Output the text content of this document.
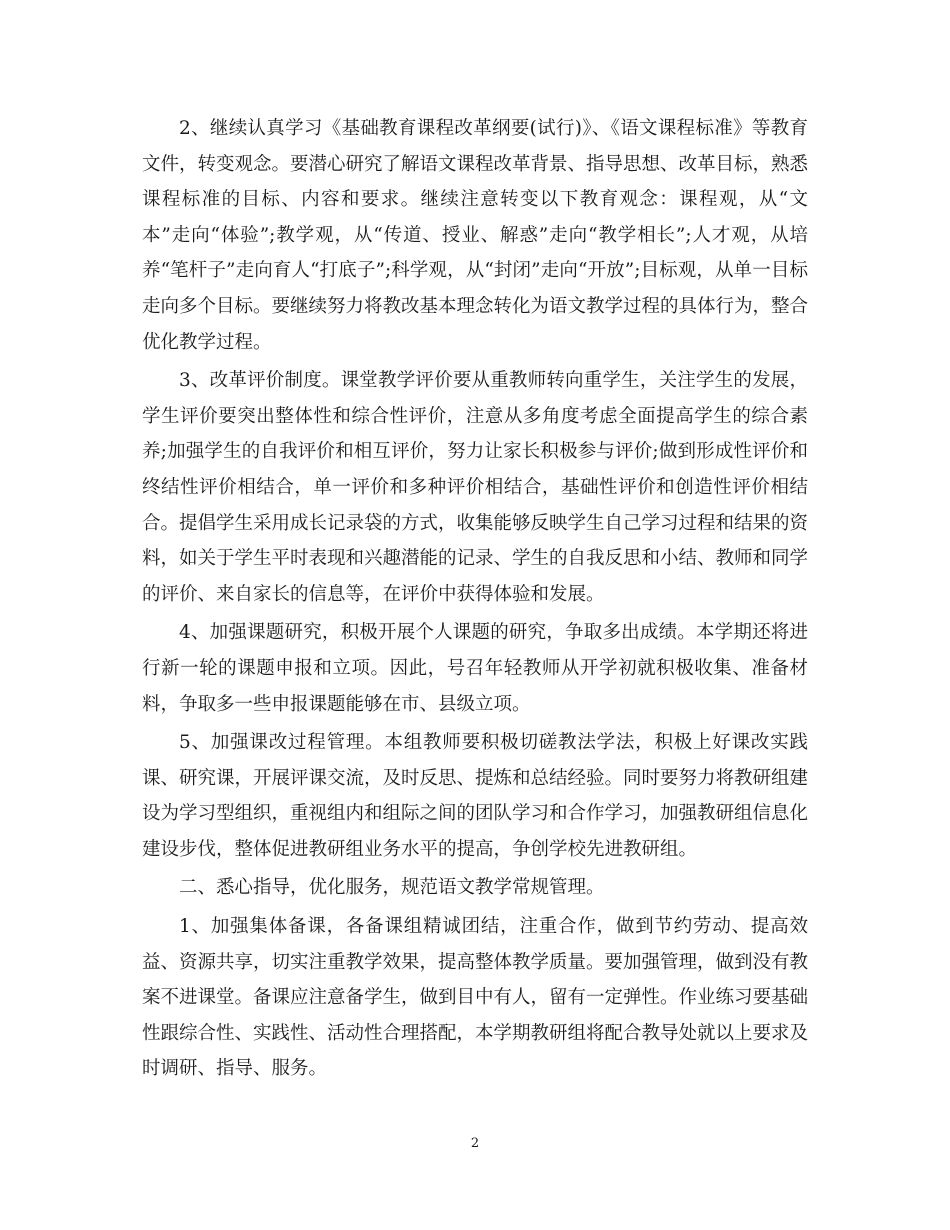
2、继续认真学习《基础教育课程改革纲要(试行)》、《语文课程标准》等教育文件，转变观念。要潜心研究了解语文课程改革背景、指导思想、改革目标，熟悉课程标准的目标、内容和要求。继续注意转变以下教育观念：课程观，从“文本”走向“体验”;教学观，从“传道、授业、解惑”走向“教学相长”;人才观，从培养“笔杆子”走向育人“打底子”;科学观，从“封闭”走向“开放”;目标观，从单一目标走向多个目标。要继续努力将教改基本理念转化为语文教学过程的具体行为，整合优化教学过程。

3、改革评价制度。课堂教学评价要从重教师转向重学生，关注学生的发展，学生评价要突出整体性和综合性评价，注意从多角度考虑全面提高学生的综合素养;加强学生的自我评价和相互评价，努力让家长积极参与评价;做到形成性评价和终结性评价相结合，单一评价和多种评价相结合，基础性评价和创造性评价相结合。提倡学生采用成长记录袋的方式，收集能够反映学生自己学习过程和结果的资料，如关于学生平时表现和兴趣潜能的记录、学生的自我反思和小结、教师和同学的评价、来自家长的信息等，在评价中获得体验和发展。

4、加强课题研究，积极开展个人课题的研究，争取多出成绩。本学期还将进行新一轮的课题申报和立项。因此，号召年轻教师从开学初就积极收集、准备材料，争取多一些申报课题能够在市、县级立项。

5、加强课改过程管理。本组教师要积极切磋教法学法，积极上好课改实践课、研究课，开展评课交流，及时反思、提炼和总结经验。同时要努力将教研组建设为学习型组织，重视组内和组际之间的团队学习和合作学习，加强教研组信息化建设步伐，整体促进教研组业务水平的提高，争创学校先进教研组。

二、悉心指导，优化服务，规范语文教学常规管理。

1、加强集体备课，各备课组精诚团结，注重合作，做到节约劳动、提高效益、资源共享，切实注重教学效果，提高整体教学质量。要加强管理，做到没有教案不进课堂。备课应注意备学生，做到目中有人，留有一定弹性。作业练习要基础性跟综合性、实践性、活动性合理搭配，本学期教研组将配合教导处就以上要求及时调研、指导、服务。

2
